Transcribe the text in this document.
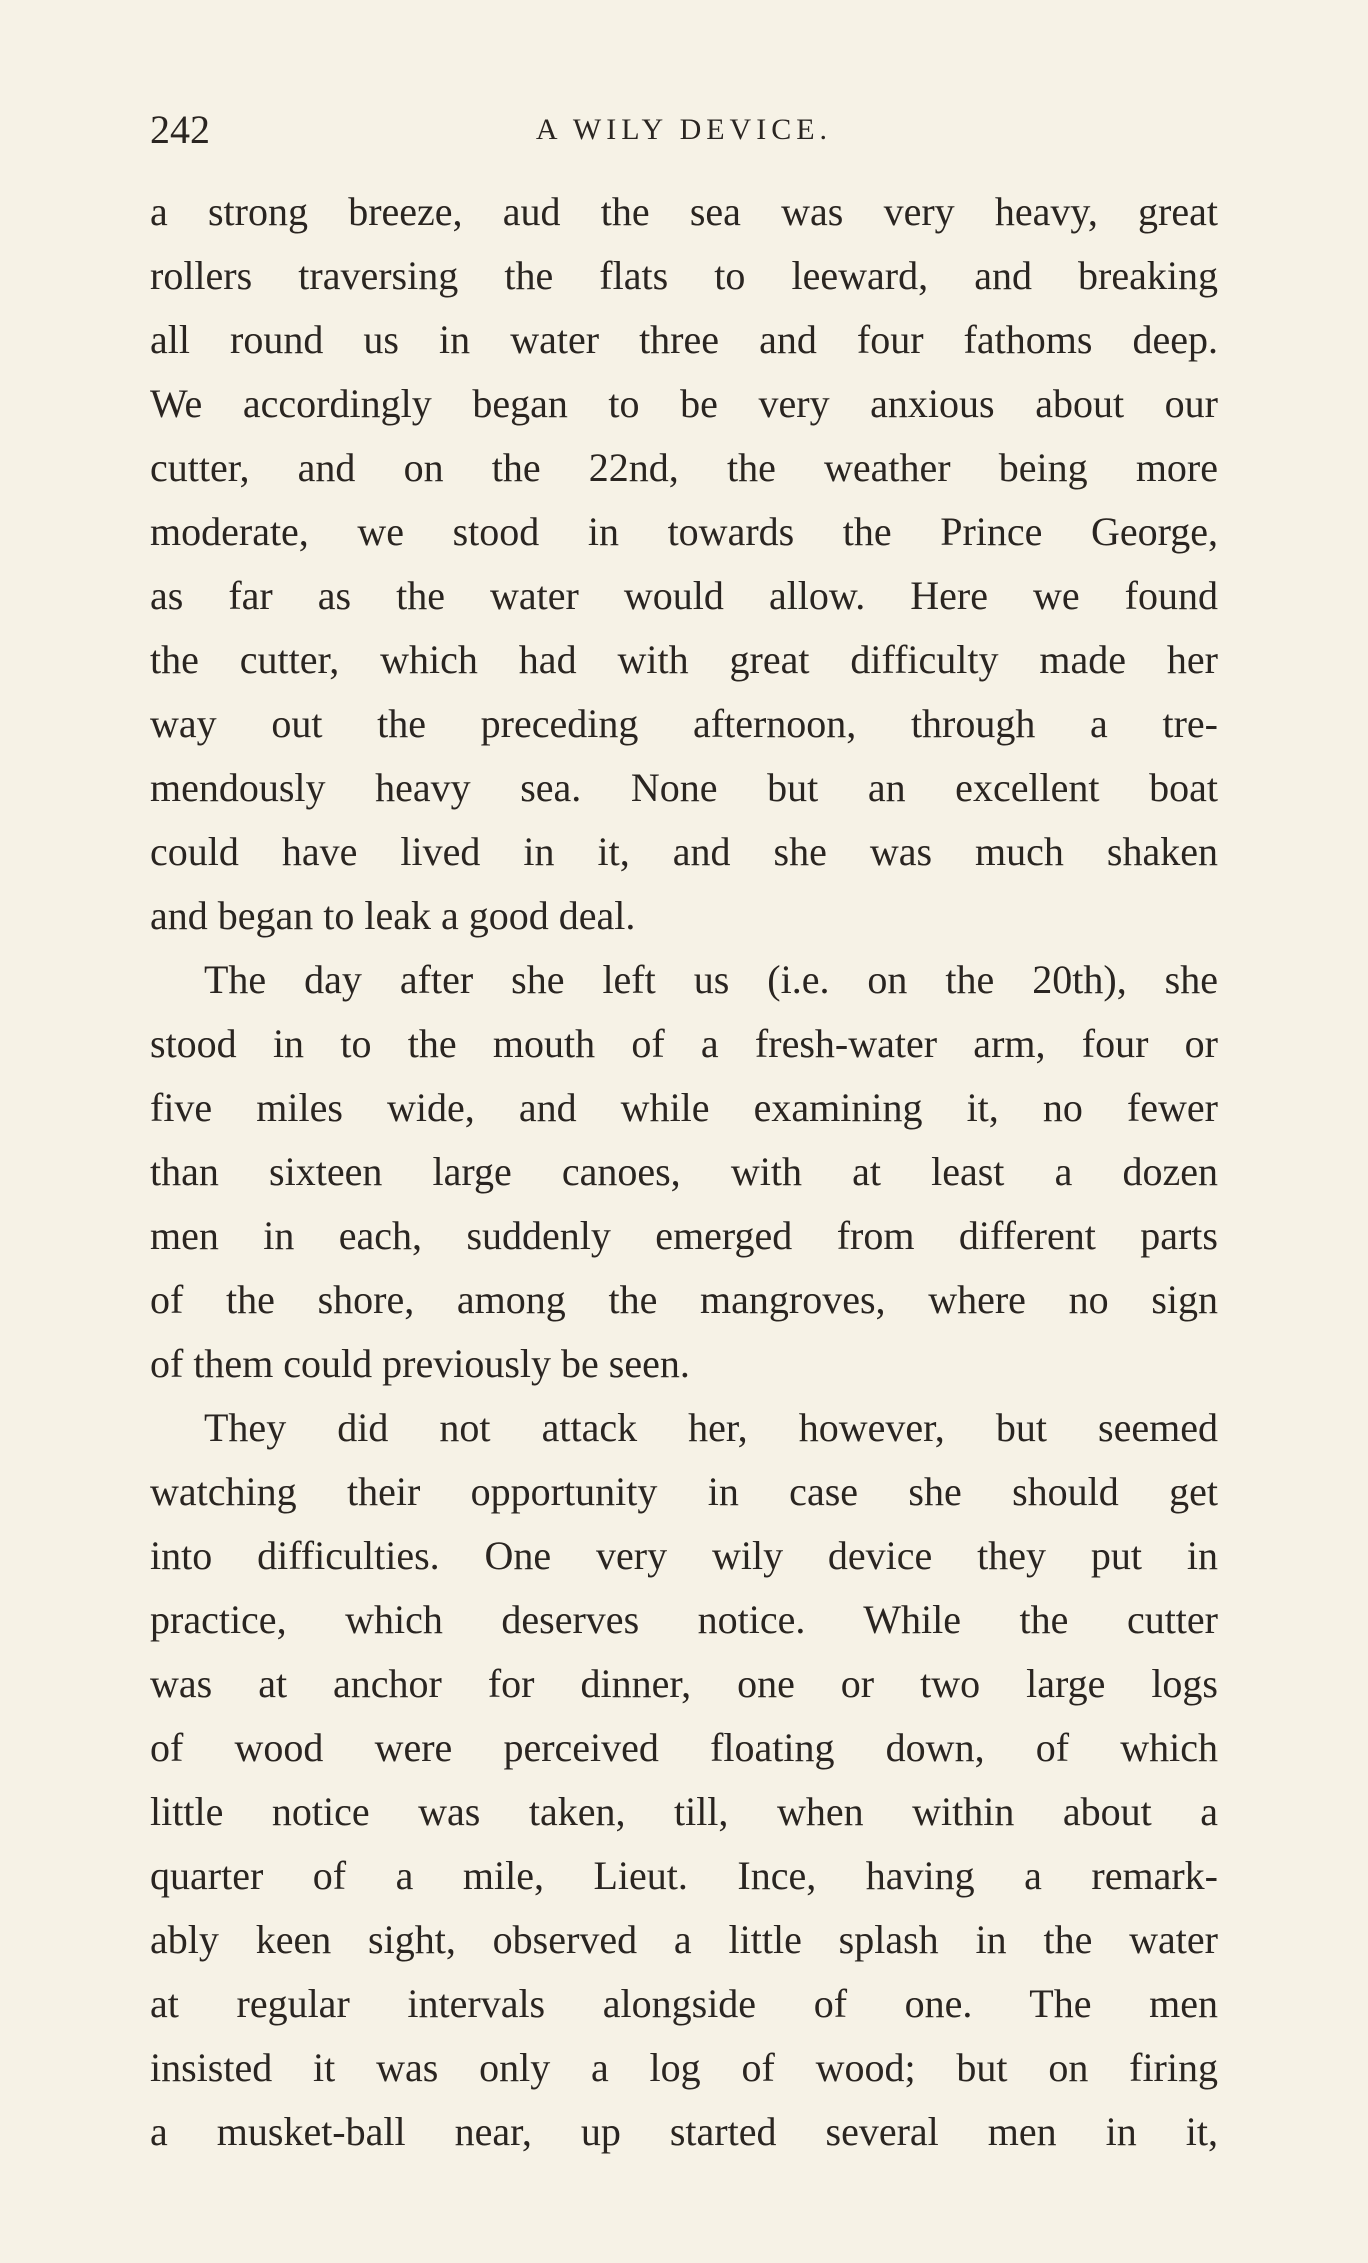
242	A WILY DEVICE.
a strong breeze, aud the sea was very heavy, great
rollers traversing the flats to leeward, and breaking
all round us in water three and four fathoms deep.
We accordingly began to be very anxious about our
cutter, and on the 22nd, the weather being more
moderate, we stood in towards the Prince George,
as far as the water would allow. Here we found
the cutter, which had with great difficulty made her
way out the preceding afternoon, through a tre-
mendously heavy sea. None but an excellent boat
could have lived in it, and she was much shaken
and began to leak a good deal.
The day after she left us (i.e. on the 20th), she
stood in to the mouth of a fresh-water arm, four or
five miles wide, and while examining it, no fewer
than sixteen large canoes, with at least a dozen
men in each, suddenly emerged from different parts
of the shore, among the mangroves, where no sign
of them could previously be seen.
They did not attack her, however, but seemed
watching their opportunity in case she should get
into difficulties. One very wily device they put in
practice, which deserves notice. While the cutter
was at anchor for dinner, one or two large logs
of wood were perceived floating down, of which
little notice was taken, till, when within about a
quarter of a mile, Lieut. Ince, having a remark-
ably keen sight, observed a little splash in the water
at regular intervals alongside of one. The men
insisted it was only a log of wood; but on firing
a musket-ball near, up started several men in it,
